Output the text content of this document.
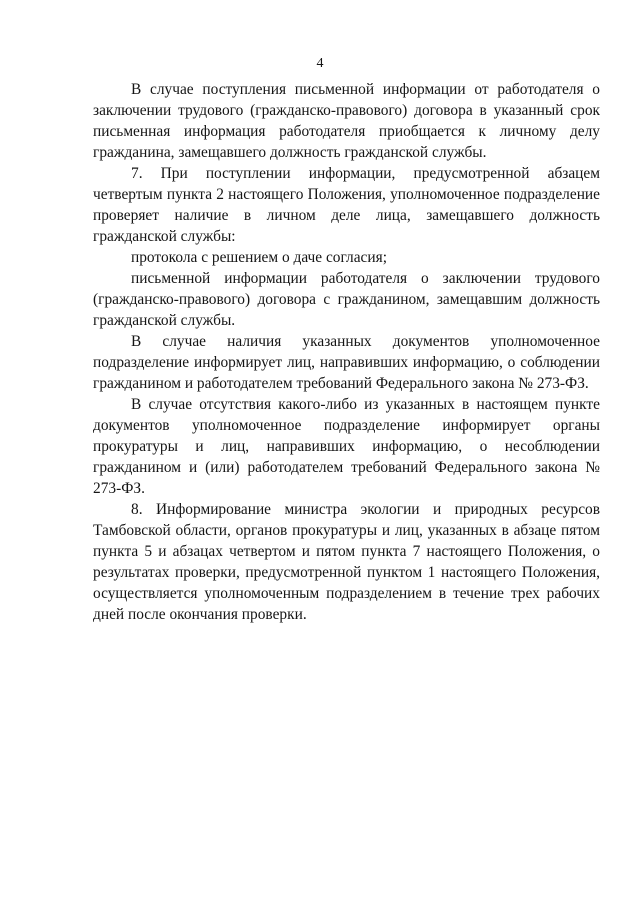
4

В случае поступления письменной информации от работодателя о заключении трудового (гражданско-правового) договора в указанный срок письменная информация работодателя приобщается к личному делу гражданина, замещавшего должность гражданской службы.

7. При поступлении информации, предусмотренной абзацем четвертым пункта 2 настоящего Положения, уполномоченное подразделение проверяет наличие в личном деле лица, замещавшего должность гражданской службы:

протокола с решением о даче согласия;

письменной информации работодателя о заключении трудового (гражданско-правового) договора с гражданином, замещавшим должность гражданской службы.

В случае наличия указанных документов уполномоченное подразделение информирует лиц, направивших информацию, о соблюдении гражданином и работодателем требований Федерального закона № 273-ФЗ.

В случае отсутствия какого-либо из указанных в настоящем пункте документов уполномоченное подразделение информирует органы прокуратуры и лиц, направивших информацию, о несоблюдении гражданином и (или) работодателем требований Федерального закона № 273-ФЗ.

8. Информирование министра экологии и природных ресурсов Тамбовской области, органов прокуратуры и лиц, указанных в абзаце пятом пункта 5 и абзацах четвертом и пятом пункта 7 настоящего Положения, о результатах проверки, предусмотренной пунктом 1 настоящего Положения, осуществляется уполномоченным подразделением в течение трех рабочих дней после окончания проверки.
